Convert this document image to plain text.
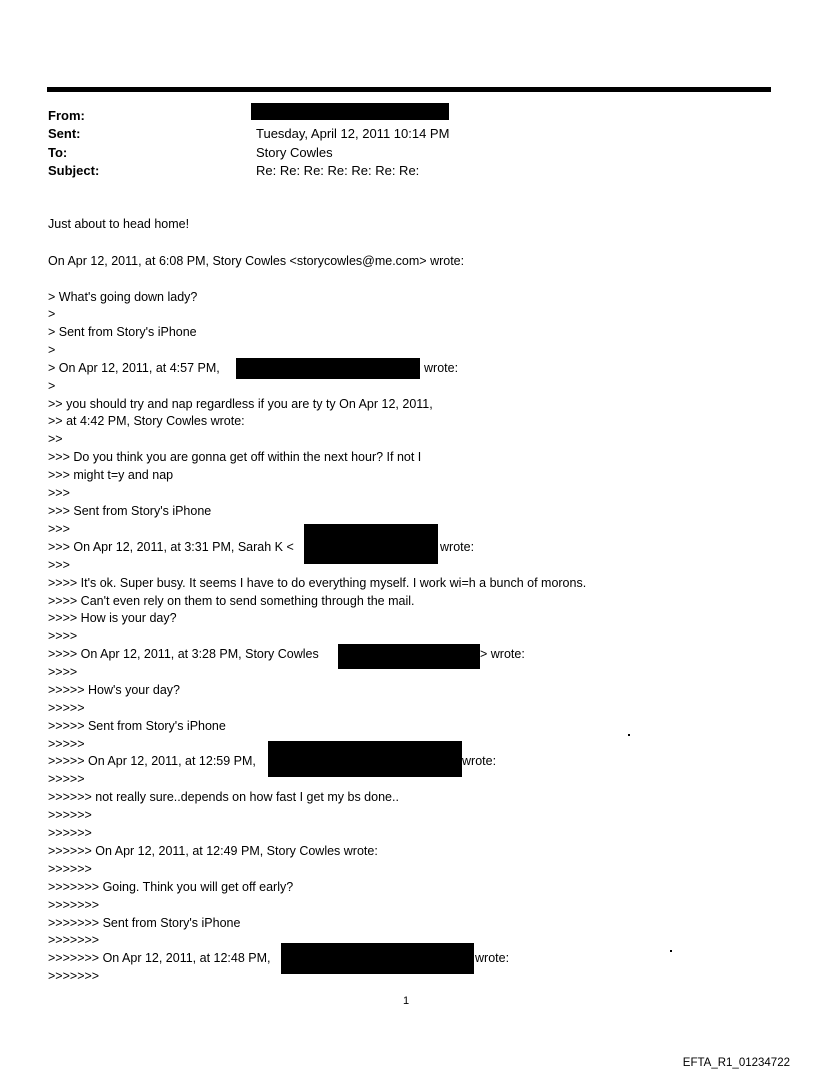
From:
Sent:	Tuesday, April 12, 2011 10:14 PM
To:	Story Cowles
Subject:	Re: Re: Re: Re: Re: Re: Re:
Just about to head home!
On Apr 12, 2011, at 6:08 PM, Story Cowles <storycowles@me.com> wrote:
> What's going down lady?
>
> Sent from Story's iPhone
>
> On Apr 12, 2011, at 4:57 PM,	wrote:
>
>> you should try and nap regardless if you are ty ty On Apr 12, 2011,
>> at 4:42 PM, Story Cowles wrote:
>>
>>> Do you think you are gonna get off within the next hour? If not I
>>> might t=y and nap
>>>
>>> Sent from Story's iPhone
>>>
>>> On Apr 12, 2011, at 3:31 PM, Sarah K <	wrote:
>>>
>>>> It's ok. Super busy. It seems I have to do everything myself. I work wi=h a bunch of morons.
>>>> Can't even rely on them to send something through the mail.
>>>> How is your day?
>>>>
>>>> On Apr 12, 2011, at 3:28 PM, Story Cowles	> wrote:
>>>>
>>>>> How's your day?
>>>>>
>>>>> Sent from Story's iPhone
>>>>>
>>>>> On Apr 12, 2011, at 12:59 PM,	wrote:
>>>>>
>>>>>> not really sure..depends on how fast I get my bs done..
>>>>>>
>>>>>>
>>>>>> On Apr 12, 2011, at 12:49 PM, Story Cowles wrote:
>>>>>>
>>>>>>> Going. Think you will get off early?
>>>>>>>
>>>>>>> Sent from Story's iPhone
>>>>>>>
>>>>>>> On Apr 12, 2011, at 12:48 PM,	wrote:
>>>>>>>
1
EFTA_R1_01234722
